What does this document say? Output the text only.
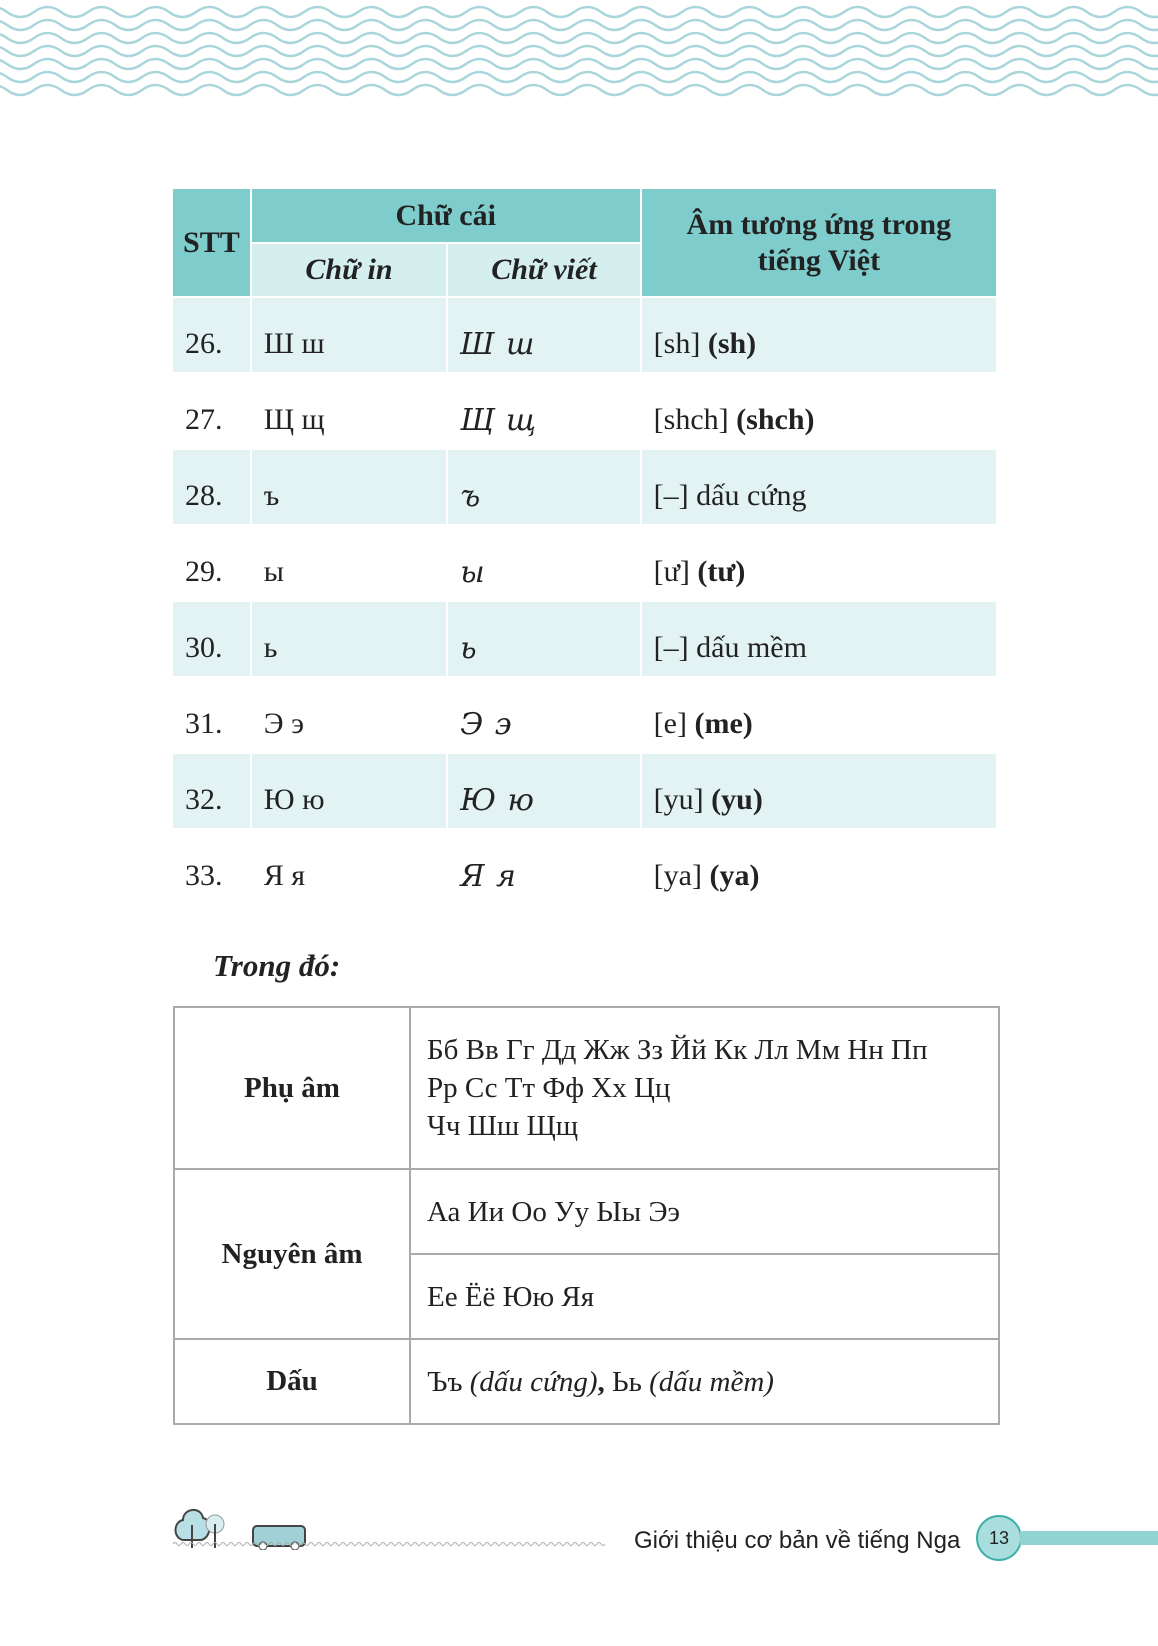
STT	Chữ cái		Âm tương ứng trong tiếng Việt

	Chữ in	Chữ viết	
26.	Ш ш	Ш ш	[sh] (sh)
27.	Щ щ	Щ щ	[shch] (shch)
28.	ъ	ъ	[–] dấu cứng
29.	ы	ы	[ư] (tư)
30.	ь	ь	[–] dấu mềm
31.	Э э	Э э	[e] (me)
32.	Ю ю	Ю ю	[yu] (yu)
33.	Я я	Я я	[ya] (ya)
Trong đó:
Phụ âm	Бб Вв Гг Дд Жж Зз Йй Кк Лл Мм Нн Пп
Рр Сс Тт Фф Хх Цц
Чч Шш Щщ

Nguyên âm	Аа Ии Оо Уу Ыы Ээ
	Ее Ёё Юю Яя
Dấu	Ъъ (dấu cứng), Ьь (dấu mềm)
Giới thiệu cơ bản về tiếng Nga	13
